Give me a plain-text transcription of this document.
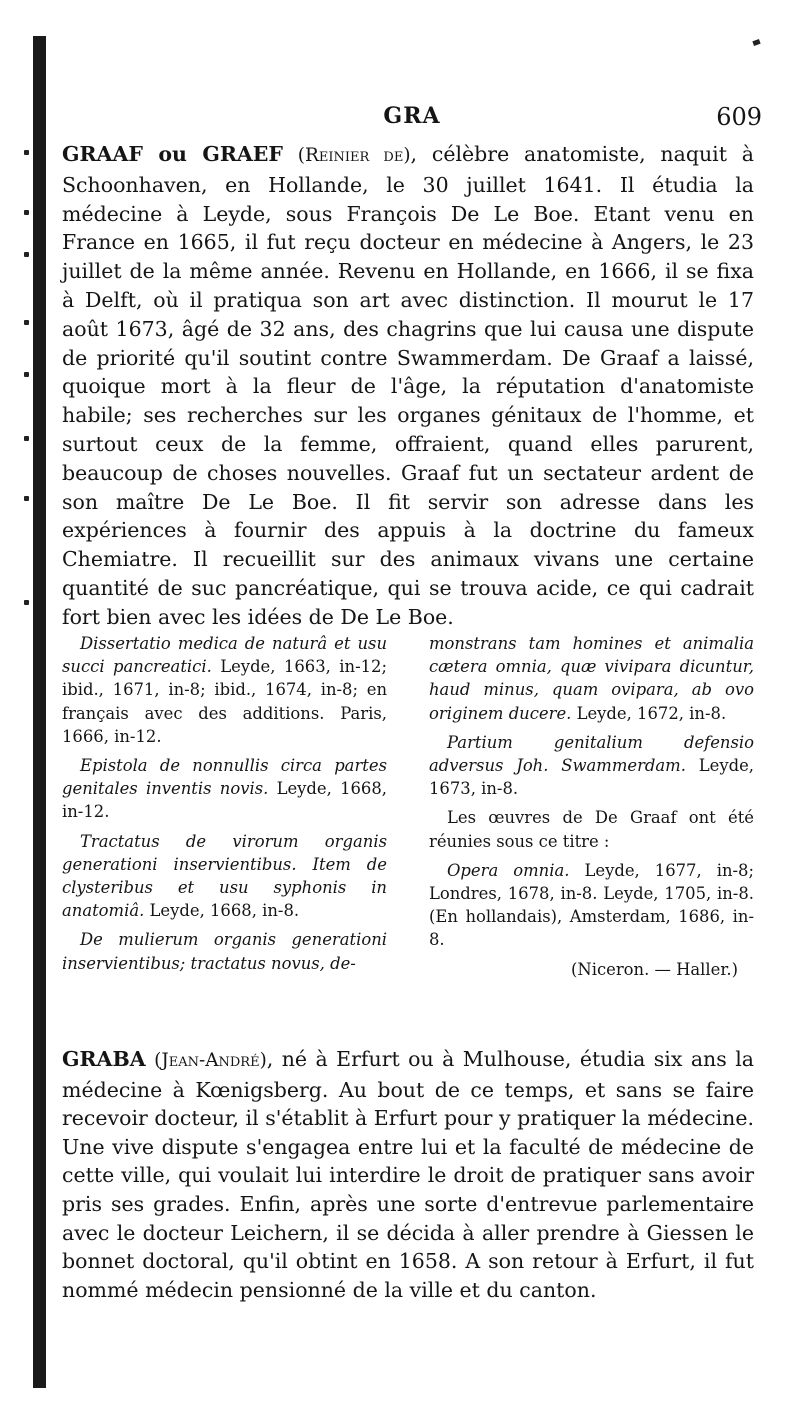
GRA	609
GRAAF ou GRAEF (Reinier de), célèbre anatomiste, naquit à Schoonhaven, en Hollande, le 30 juillet 1641. Il étudia la médecine à Leyde, sous François De Le Boe. Etant venu en France en 1665, il fut reçu docteur en médecine à Angers, le 23 juillet de la même année. Revenu en Hollande, en 1666, il se fixa à Delft, où il pratiqua son art avec distinction. Il mourut le 17 août 1673, âgé de 32 ans, des chagrins que lui causa une dispute de priorité qu'il soutint contre Swammerdam. De Graaf a laissé, quoique mort à la fleur de l'âge, la réputation d'anatomiste habile; ses recherches sur les organes génitaux de l'homme, et surtout ceux de la femme, offraient, quand elles parurent, beaucoup de choses nouvelles. Graaf fut un sectateur ardent de son maître De Le Boe. Il fit servir son adresse dans les expériences à fournir des appuis à la doctrine du fameux Chemiatre. Il recueillit sur des animaux vivans une certaine quantité de suc pancréatique, qui se trouva acide, ce qui cadrait fort bien avec les idées de De Le Boe.

Dissertatio medica de naturâ et usu succi pancreatici. Leyde, 1663, in-12; ibid., 1671, in-8; ibid., 1674, in-8; en français avec des additions. Paris, 1666, in-12.

Epistola de nonnullis circa partes genitales inventis novis. Leyde, 1668, in-12.

Tractatus de virorum organis generationi inservientibus. Item de clysteribus et usu syphonis in anatomiâ. Leyde, 1668, in-8.

De mulierum organis generationi inservientibus; tractatus novus, de-

monstrans tam homines et animalia cætera omnia, quæ vivipara dicuntur, haud minus, quam ovipara, ab ovo originem ducere. Leyde, 1672, in-8.

Partium genitalium defensio adversus Joh. Swammerdam. Leyde, 1673, in-8.

Les œuvres de De Graaf ont été réunies sous ce titre :

Opera omnia. Leyde, 1677, in-8; Londres, 1678, in-8. Leyde, 1705, in-8. (En hollandais), Amsterdam, 1686, in-8.

(Niceron. — Haller.)

GRABA (Jean-André), né à Erfurt ou à Mulhouse, étudia six ans la médecine à Kœnigsberg. Au bout de ce temps, et sans se faire recevoir docteur, il s'établit à Erfurt pour y pratiquer la médecine. Une vive dispute s'engagea entre lui et la faculté de médecine de cette ville, qui voulait lui interdire le droit de pratiquer sans avoir pris ses grades. Enfin, après une sorte d'entrevue parlementaire avec le docteur Leichern, il se décida à aller prendre à Giessen le bonnet doctoral, qu'il obtint en 1658. A son retour à Erfurt, il fut nommé médecin pensionné de la ville et du canton.
